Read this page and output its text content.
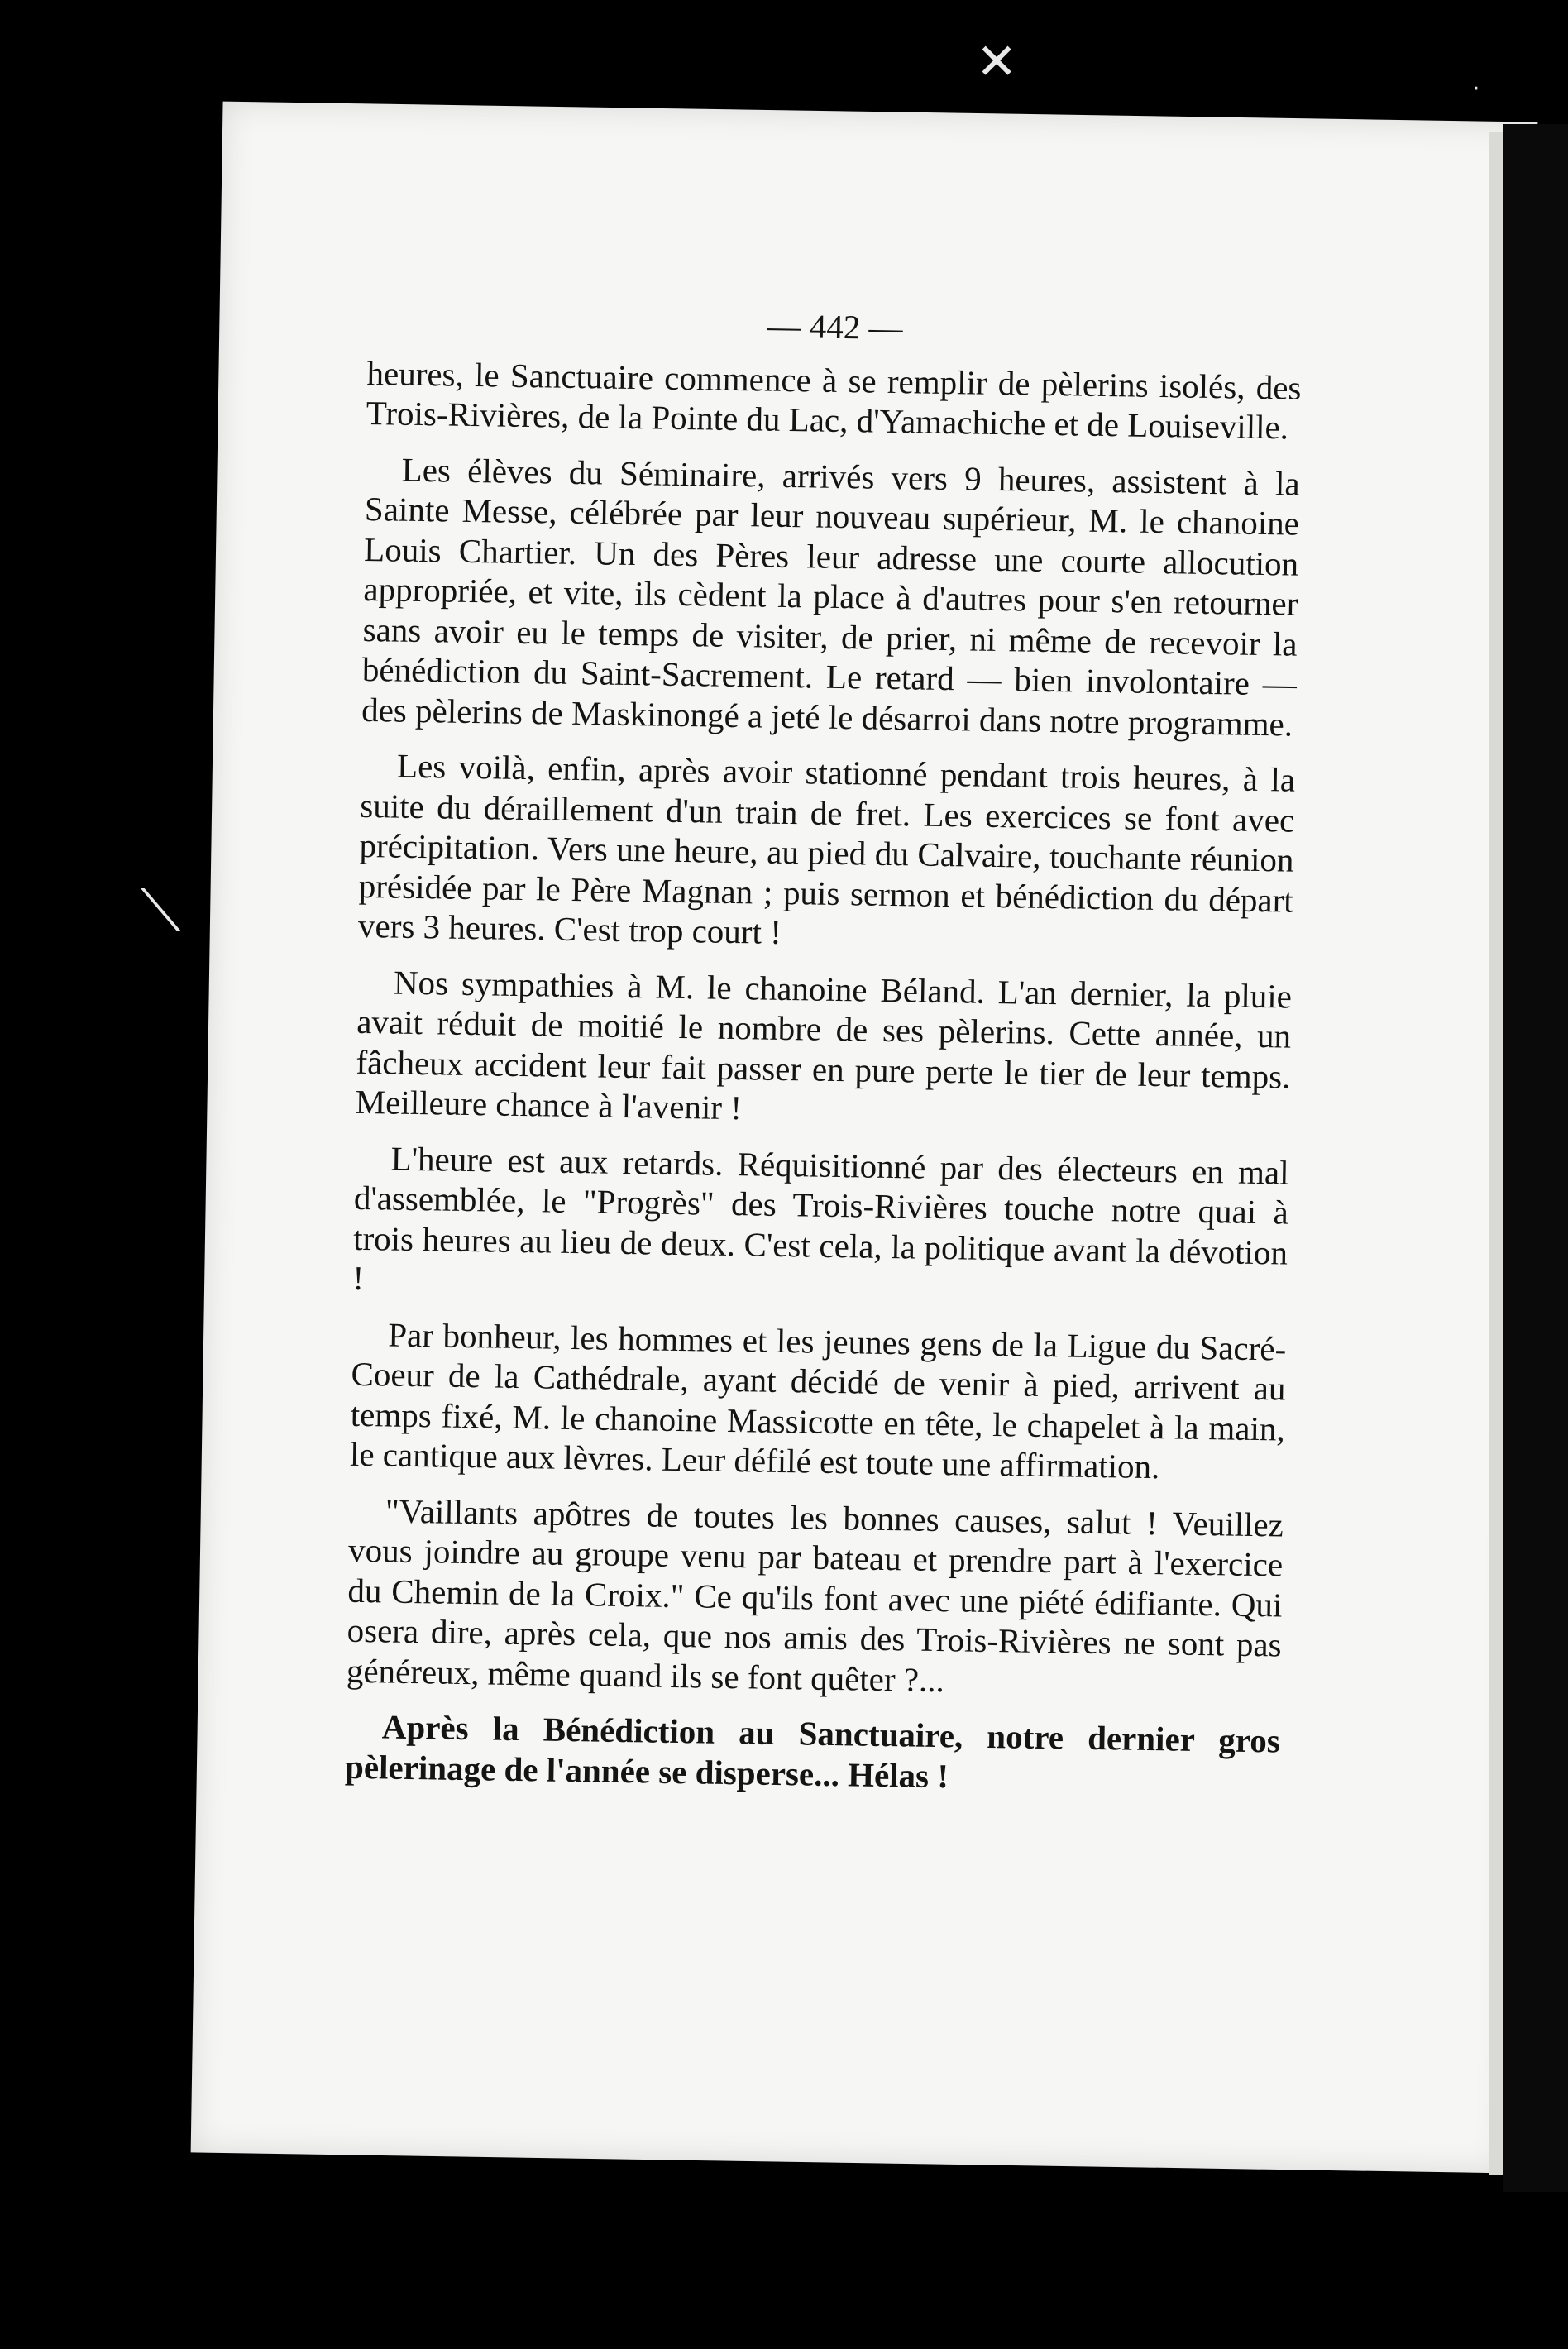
✕	·
⟍
— 442 —

heures, le Sanctuaire commence à se remplir de pèlerins isolés, des Trois-Rivières, de la Pointe du Lac, d'Yamachiche et de Louiseville.

Les élèves du Séminaire, arrivés vers 9 heures, assistent à la Sainte Messe, célébrée par leur nouveau supérieur, M. le chanoine Louis Chartier. Un des Pères leur adresse une courte allocution appropriée, et vite, ils cèdent la place à d'autres pour s'en retourner sans avoir eu le temps de visiter, de prier, ni même de recevoir la bénédiction du Saint-Sacrement. Le retard — bien involontaire — des pèlerins de Maskinongé a jeté le désarroi dans notre programme.

Les voilà, enfin, après avoir stationné pendant trois heures, à la suite du déraillement d'un train de fret. Les exercices se font avec précipitation. Vers une heure, au pied du Calvaire, touchante réunion présidée par le Père Magnan ; puis sermon et bénédiction du départ vers 3 heures. C'est trop court !

Nos sympathies à M. le chanoine Béland. L'an dernier, la pluie avait réduit de moitié le nombre de ses pèlerins. Cette année, un fâcheux accident leur fait passer en pure perte le tier de leur temps. Meilleure chance à l'avenir !

L'heure est aux retards. Réquisitionné par des électeurs en mal d'assemblée, le "Progrès" des Trois-Rivières touche notre quai à trois heures au lieu de deux. C'est cela, la politique avant la dévotion !

Par bonheur, les hommes et les jeunes gens de la Ligue du Sacré-Coeur de la Cathédrale, ayant décidé de venir à pied, arrivent au temps fixé, M. le chanoine Massicotte en tête, le chapelet à la main, le cantique aux lèvres. Leur défilé est toute une affirmation.

"Vaillants apôtres de toutes les bonnes causes, salut ! Veuillez vous joindre au groupe venu par bateau et prendre part à l'exercice du Chemin de la Croix." Ce qu'ils font avec une piété édifiante. Qui osera dire, après cela, que nos amis des Trois-Rivières ne sont pas généreux, même quand ils se font quêter ?...

Après la Bénédiction au Sanctuaire, notre dernier gros pèlerinage de l'année se disperse... Hélas !
